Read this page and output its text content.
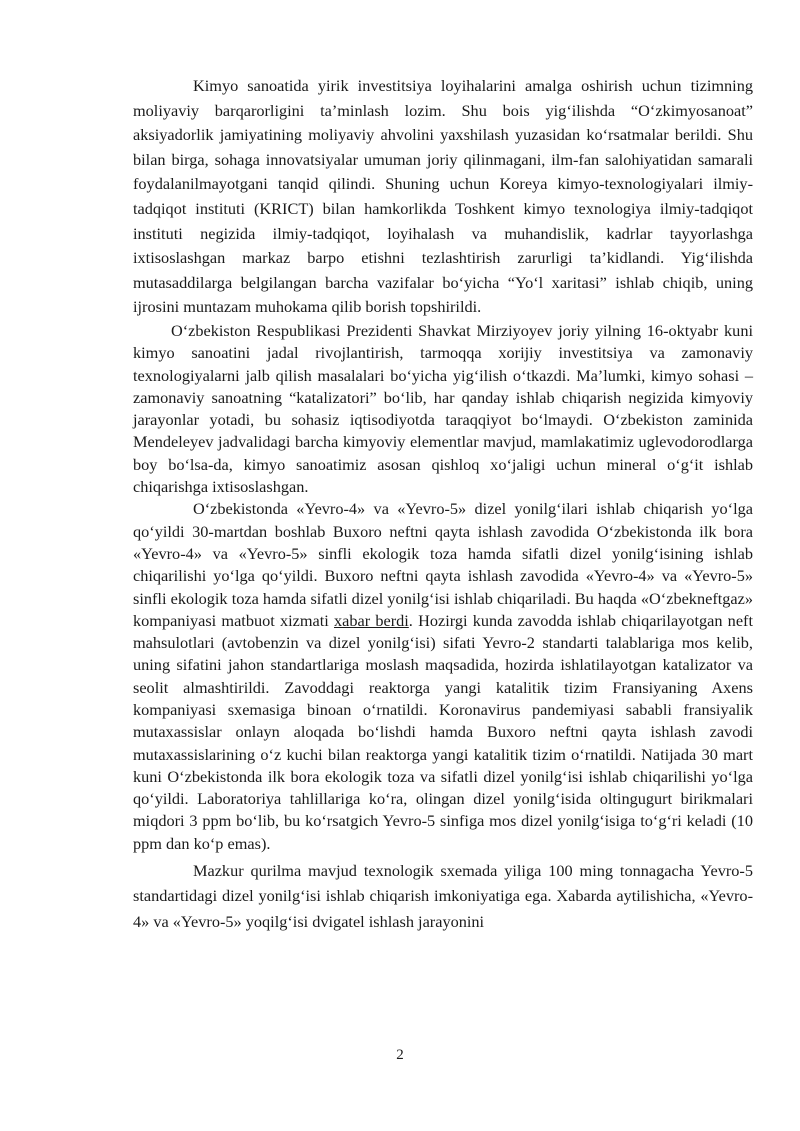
Kimyo sanoatida yirik investitsiya loyihalarini amalga oshirish uchun tizimning moliyaviy barqarorligini ta’minlash lozim. Shu bois yig‘ilishda “O‘zkimyosanoat” aksiyadorlik jamiyatining moliyaviy ahvolini yaxshilash yuzasidan ko‘rsatmalar berildi. Shu bilan birga, sohaga innovatsiyalar umuman joriy qilinmagani, ilm-fan salohiyatidan samarali foydalanilmayotgani tanqid qilindi. Shuning uchun Koreya kimyo-texnologiyalari ilmiy-tadqiqot instituti (KRICT) bilan hamkorlikda Toshkent kimyo texnologiya ilmiy-tadqiqot instituti negizida ilmiy-tadqiqot, loyihalash va muhandislik, kadrlar tayyorlashga ixtisoslashgan markaz barpo etishni tezlashtirish zarurligi ta’kidlandi. Yig‘ilishda mutasaddilarga belgilangan barcha vazifalar bo‘yicha “Yo‘l xaritasi” ishlab chiqib, uning ijrosini muntazam muhokama qilib borish topshirildi.

O‘zbekiston Respublikasi Prezidenti Shavkat Mirziyoyev joriy yilning 16-oktyabr kuni kimyo sanoatini jadal rivojlantirish, tarmoqqa xorijiy investitsiya va zamonaviy texnologiyalarni jalb qilish masalalari bo‘yicha yig‘ilish o‘tkazdi. Ma’lumki, kimyo sohasi – zamonaviy sanoatning “katalizatori” bo‘lib, har qanday ishlab chiqarish negizida kimyoviy jarayonlar yotadi, bu sohasiz iqtisodiyotda taraqqiyot bo‘lmaydi. O‘zbekiston zaminida Mendeleyev jadvalidagi barcha kimyoviy elementlar mavjud, mamlakatimiz uglevodorodlarga boy bo‘lsa-da, kimyo sanoatimiz asosan qishloq xo‘jaligi uchun mineral o‘g‘it ishlab chiqarishga ixtisoslashgan.

O‘zbekistonda «Yevro-4» va «Yevro-5» dizel yonilg‘ilari ishlab chiqarish yo‘lga qo‘yildi 30-martdan boshlab Buxoro neftni qayta ishlash zavodida O‘zbekistonda ilk bora «Yevro-4» va «Yevro-5» sinfli ekologik toza hamda sifatli dizel yonilg‘isining ishlab chiqarilishi yo‘lga qo‘yildi. Buxoro neftni qayta ishlash zavodida «Yevro-4» va «Yevro-5» sinfli ekologik toza hamda sifatli dizel yonilg‘isi ishlab chiqariladi. Bu haqda «O‘zbekneftgaz» kompaniyasi matbuot xizmati xabar berdi. Hozirgi kunda zavodda ishlab chiqarilayotgan neft mahsulotlari (avtobenzin va dizel yonilg‘isi) sifati Yevro-2 standarti talablariga mos kelib, uning sifatini jahon standartlariga moslash maqsadida, hozirda ishlatilayotgan katalizator va seolit almashtirildi. Zavoddagi reaktorga yangi katalitik tizim Fransiyaning Axens kompaniyasi sxemasiga binoan o‘rnatildi. Koronavirus pandemiyasi sababli fransiyalik mutaxassislar onlayn aloqada bo‘lishdi hamda Buxoro neftni qayta ishlash zavodi mutaxassislarining o‘z kuchi bilan reaktorga yangi katalitik tizim o‘rnatildi. Natijada 30 mart kuni O‘zbekistonda ilk bora ekologik toza va sifatli dizel yonilg‘isi ishlab chiqarilishi yo‘lga qo‘yildi. Laboratoriya tahlillariga ko‘ra, olingan dizel yonilg‘isida oltingugurt birikmalari miqdori 3 ppm bo‘lib, bu ko‘rsatgich Yevro-5 sinfiga mos dizel yonilg‘isiga to‘g‘ri keladi (10 ppm dan ko‘p emas).

Mazkur qurilma mavjud texnologik sxemada yiliga 100 ming tonnagacha Yevro-5 standartidagi dizel yonilg‘isi ishlab chiqarish imkoniyatiga ega. Xabarda aytilishicha, «Yevro-4» va «Yevro-5» yoqilg‘isi dvigatel ishlash jarayonini

2
